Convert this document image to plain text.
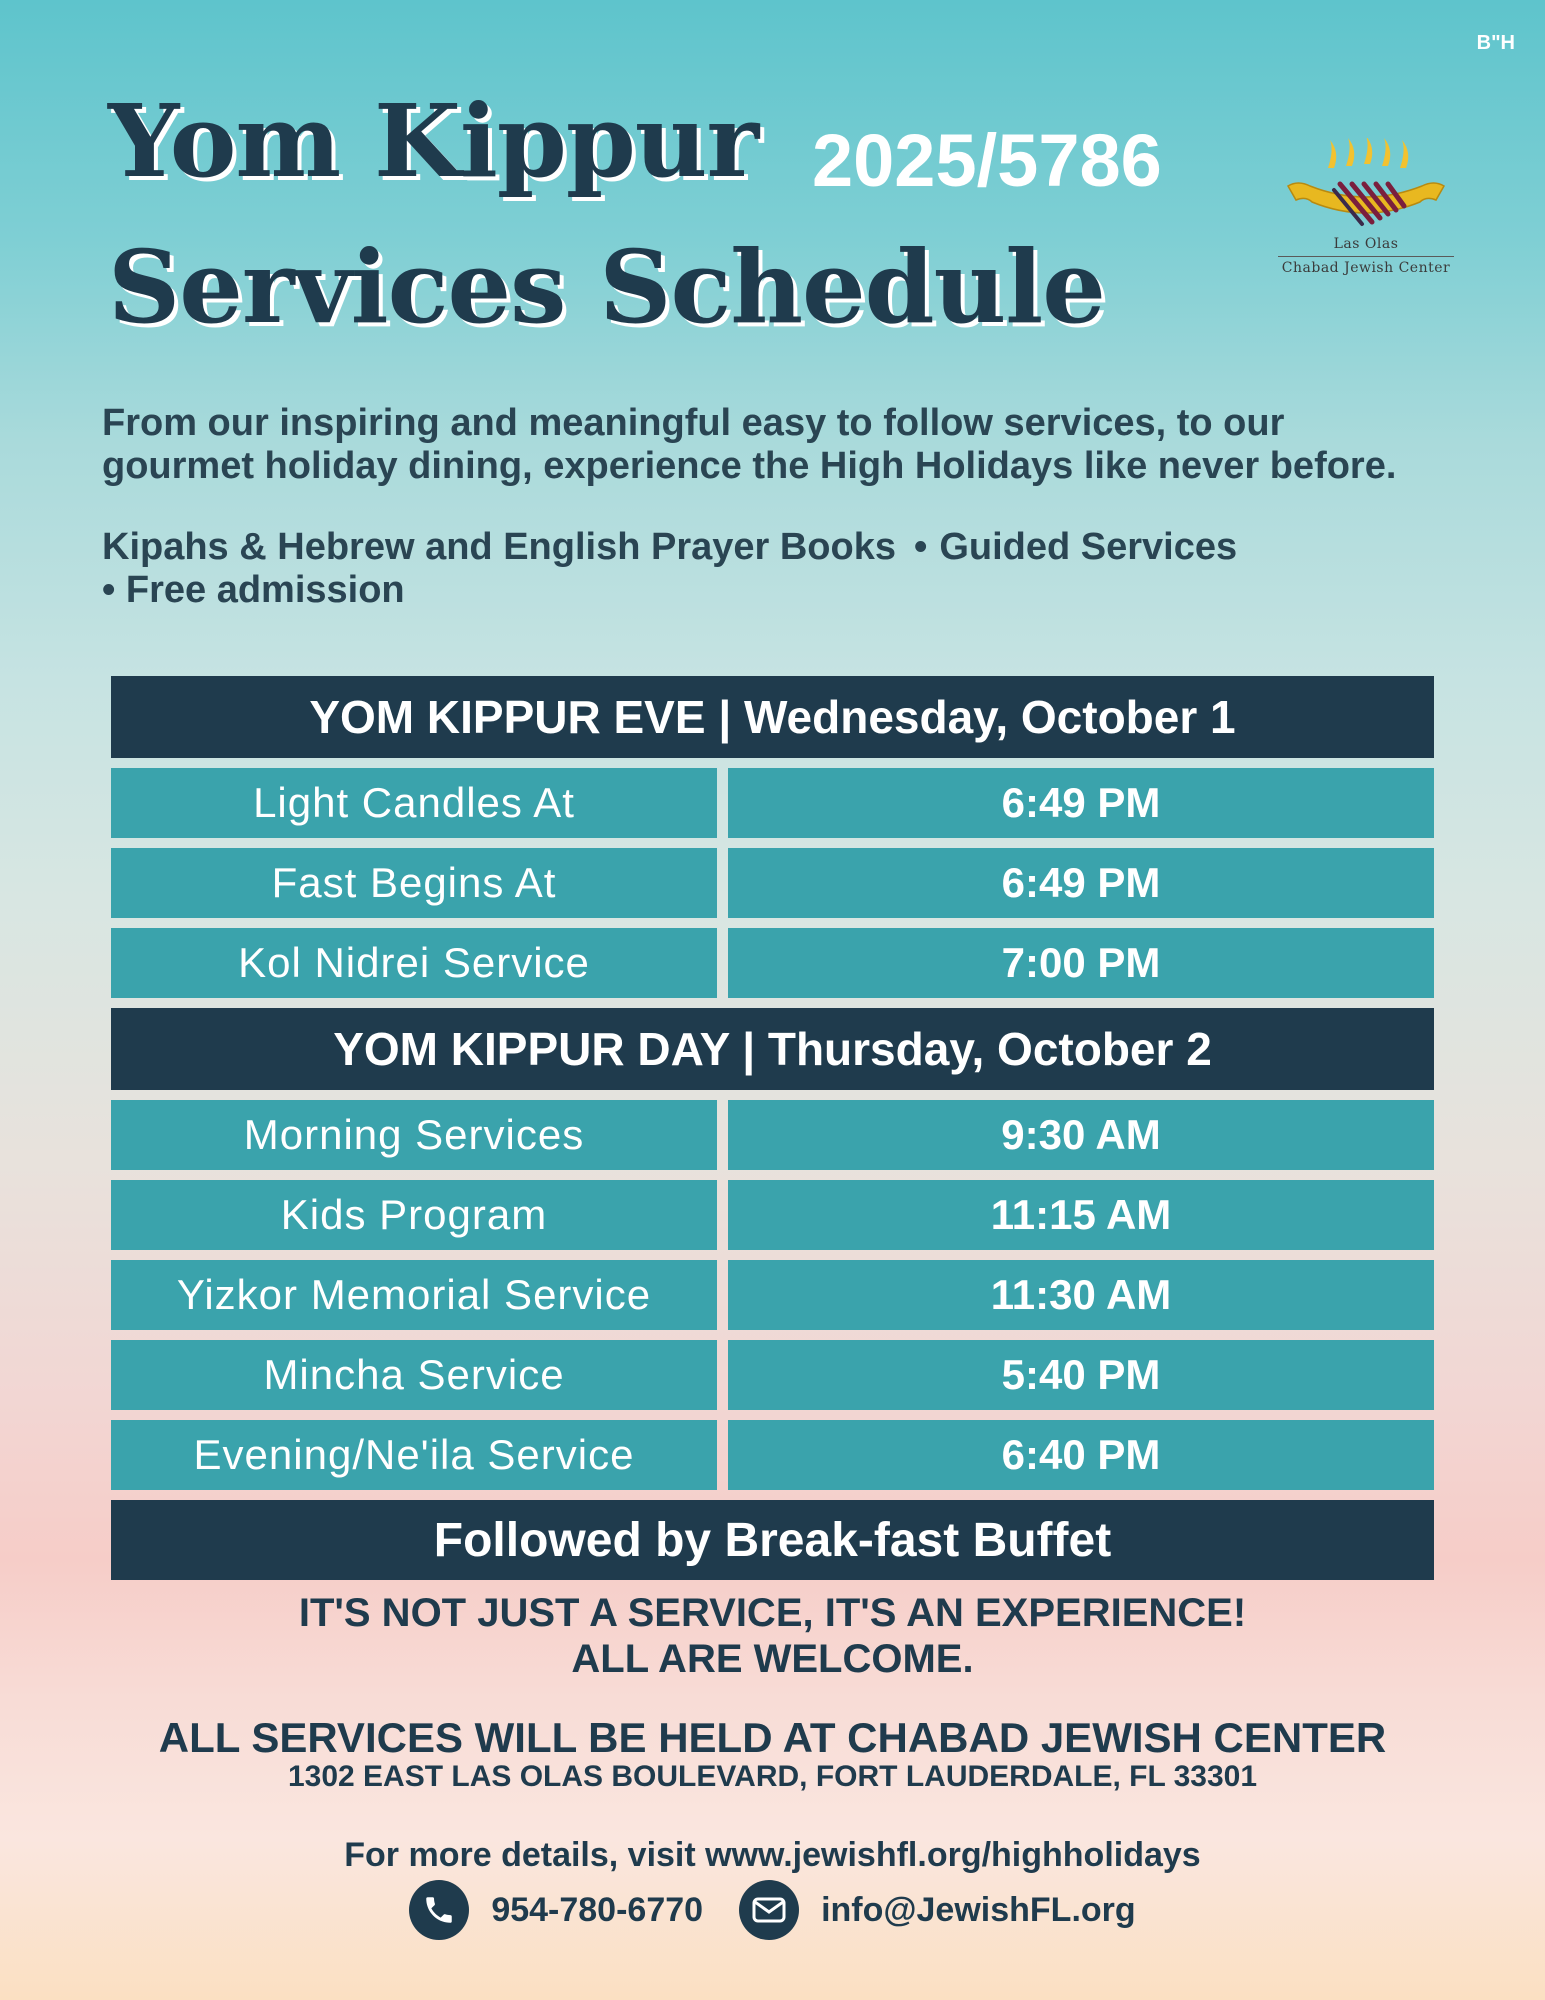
B"H
Yom Kippur
Services Schedule
2025/5786
Las Olas
Chabad Jewish Center
From our inspiring and meaningful easy to follow services, to our
gourmet holiday dining, experience the High Holidays like never before.
Kipahs & Hebrew and English Prayer Books • Guided Services
• Free admission
YOM KIPPUR EVE | Wednesday, October 1
Light Candles At	6:49 PM
Fast Begins At	6:49 PM
Kol Nidrei Service	7:00 PM
YOM KIPPUR DAY | Thursday, October 2
Morning Services	9:30 AM
Kids Program	11:15 AM
Yizkor Memorial Service	11:30 AM
Mincha Service	5:40 PM
Evening/Ne'ila Service	6:40 PM
Followed by Break-fast Buffet
IT'S NOT JUST A SERVICE, IT'S AN EXPERIENCE!
ALL ARE WELCOME.
ALL SERVICES WILL BE HELD AT CHABAD JEWISH CENTER
1302 EAST LAS OLAS BOULEVARD, FORT LAUDERDALE, FL 33301
For more details, visit www.jewishfl.org/highholidays
954-780-6770	info@JewishFL.org
